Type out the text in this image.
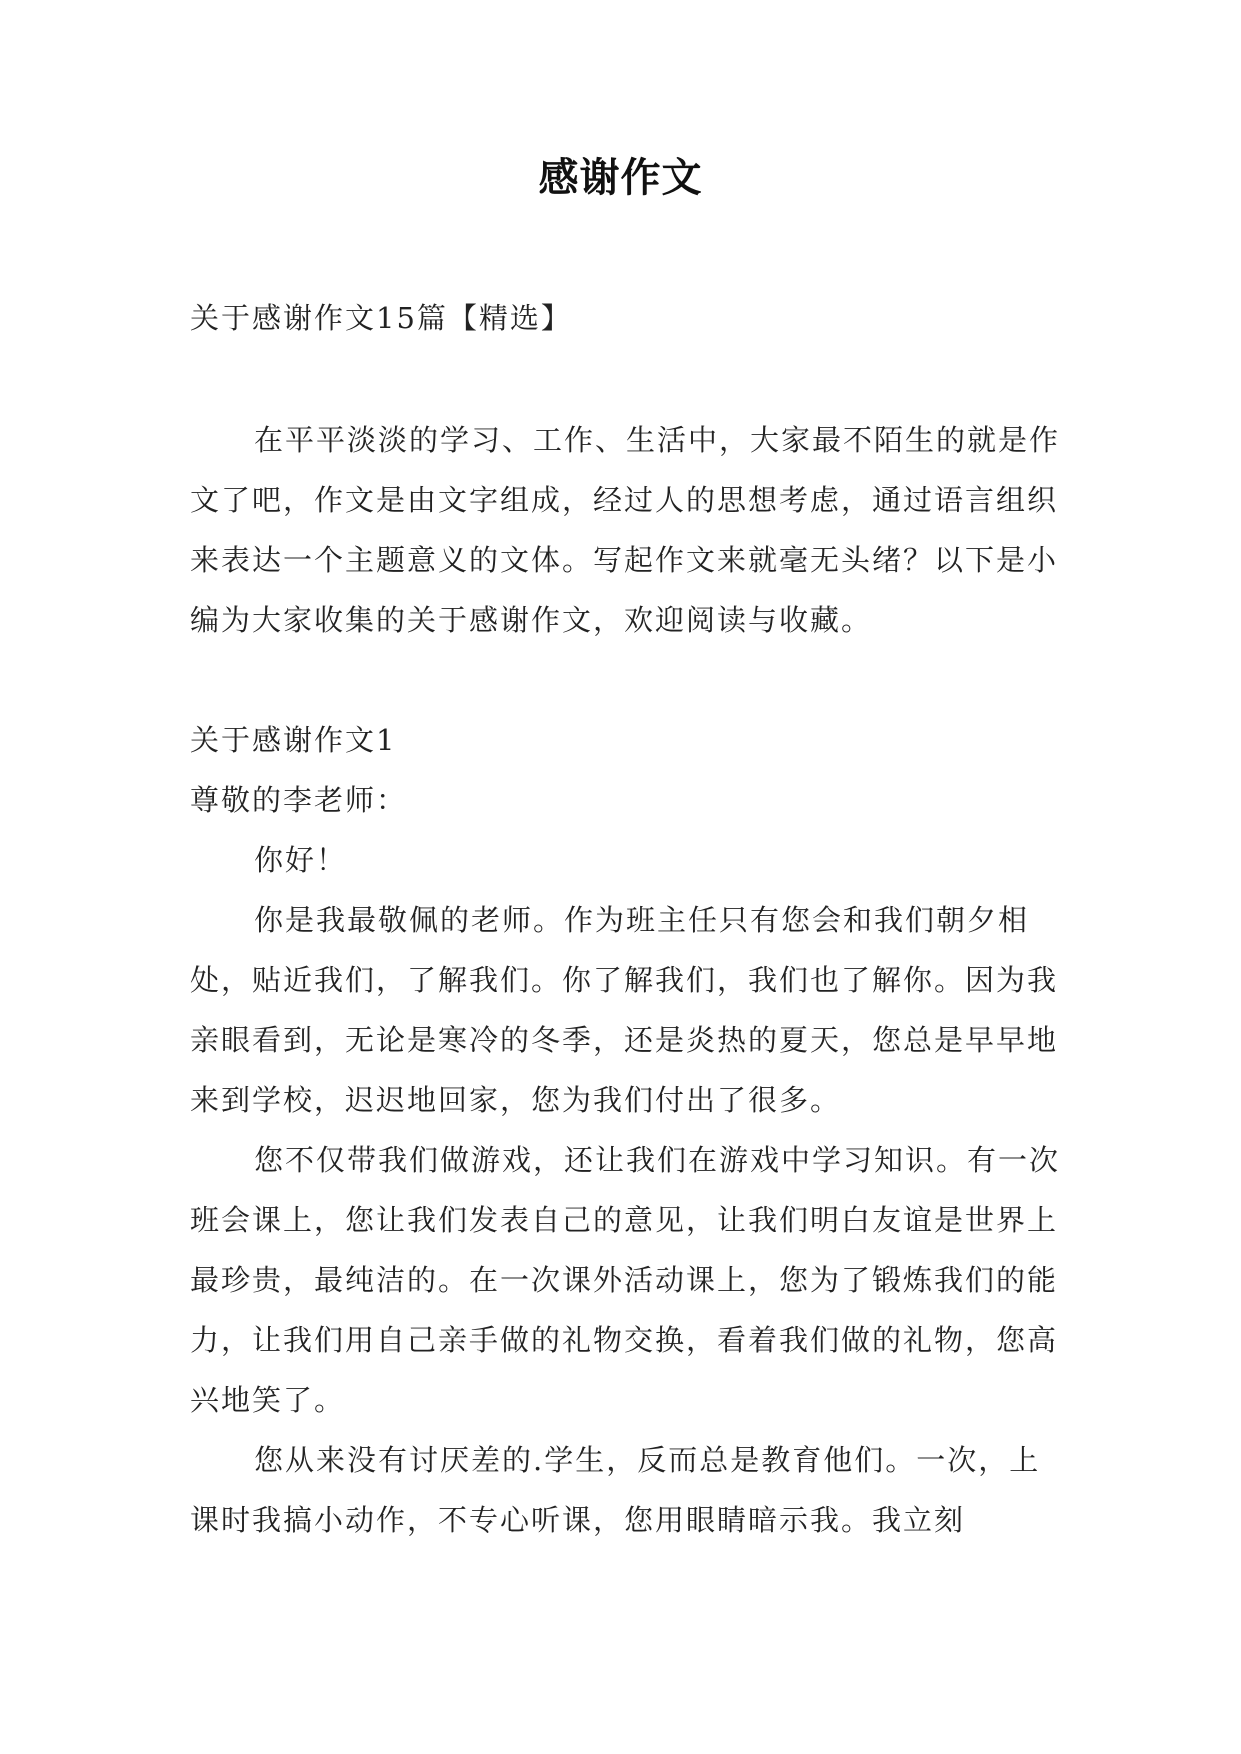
感谢作文

关于感谢作文15篇【精选】

在平平淡淡的学习、工作、生活中，大家最不陌生的就是作文了吧，作文是由文字组成，经过人的思想考虑，通过语言组织来表达一个主题意义的文体。写起作文来就毫无头绪？以下是小编为大家收集的关于感谢作文，欢迎阅读与收藏。

关于感谢作文1

尊敬的李老师：

你好！

你是我最敬佩的老师。作为班主任只有您会和我们朝夕相处，贴近我们，了解我们。你了解我们，我们也了解你。因为我亲眼看到，无论是寒冷的冬季，还是炎热的夏天，您总是早早地来到学校，迟迟地回家，您为我们付出了很多。

您不仅带我们做游戏，还让我们在游戏中学习知识。有一次班会课上，您让我们发表自己的意见，让我们明白友谊是世界上最珍贵，最纯洁的。在一次课外活动课上，您为了锻炼我们的能力，让我们用自己亲手做的礼物交换，看着我们做的礼物，您高兴地笑了。

您从来没有讨厌差的.学生，反而总是教育他们。一次，上课时我搞小动作，不专心听课，您用眼睛暗示我。我立刻
